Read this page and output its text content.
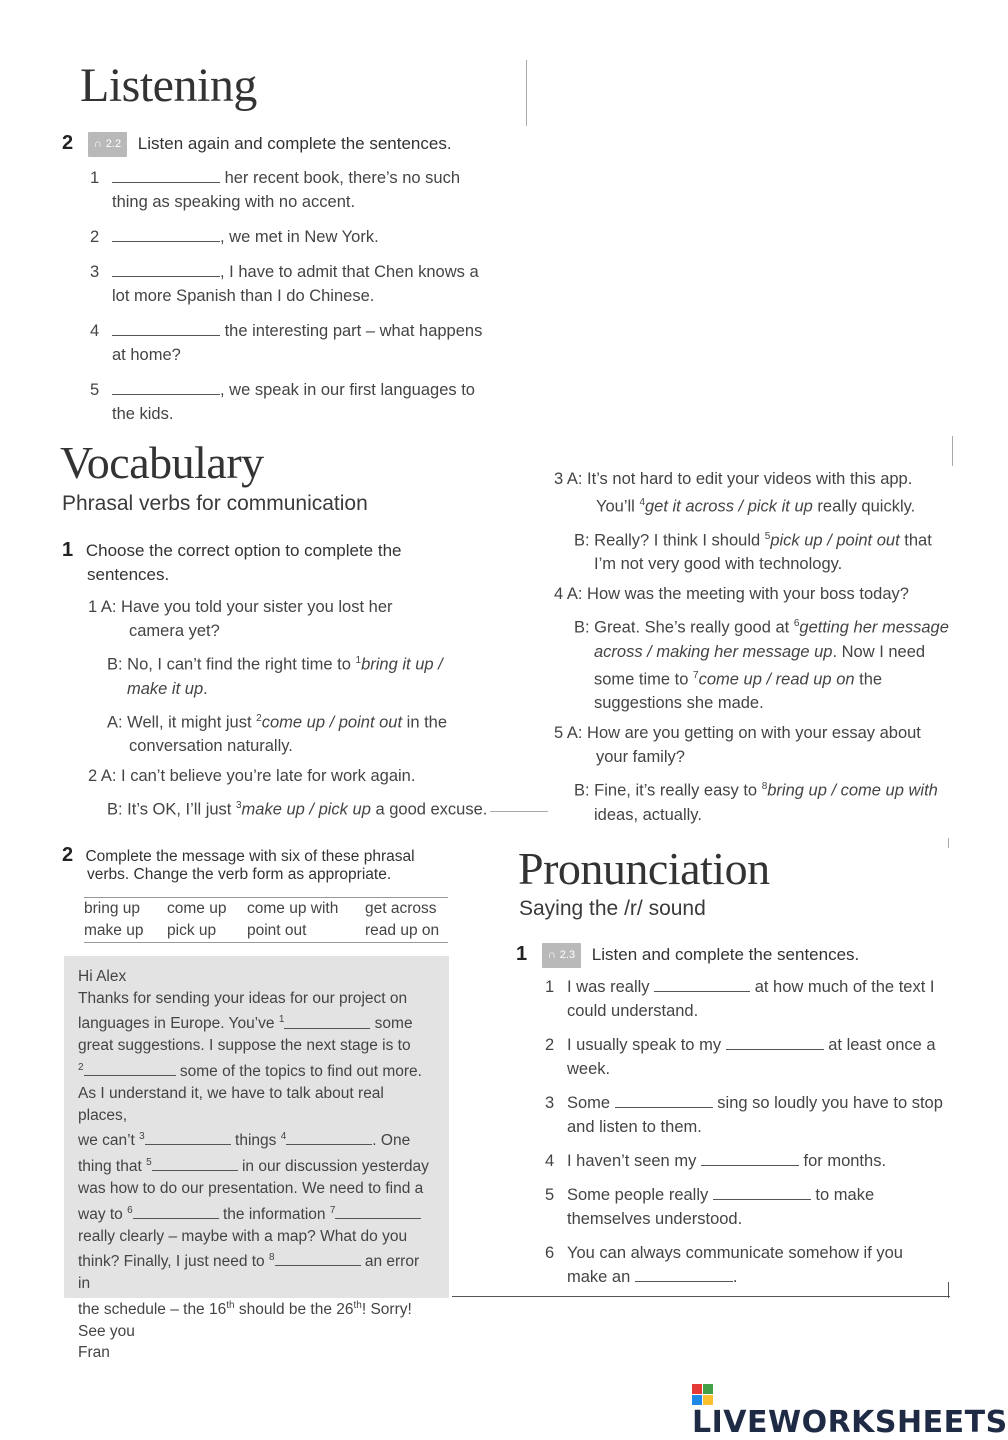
Listening
2 ∩ 2.2 Listen again and complete the sentences.
1	her recent book, there’s no such
thing as speaking with no accent.
2	, we met in New York.
3	, I have to admit that Chen knows a
lot more Spanish than I do Chinese.
4	the interesting part – what happens
at home?
5	, we speak in our first languages to
the kids.
Vocabulary
Phrasal verbs for communication
1 Choose the correct option to complete the
sentences.
1 A: Have you told your sister you lost her
camera yet?
B: No, I can’t find the right time to $^1$bring it up /
make it up.
A: Well, it might just $^2$come up / point out in the
conversation naturally.
2 A: I can’t believe you’re late for work again.
B: It’s OK, I’ll just $^3$make up / pick up a good excuse.
3 A: It’s not hard to edit your videos with this app.
You’ll $^4$get it across / pick it up really quickly.
B: Really? I think I should $^5$pick up / point out that
I’m not very good with technology.
4 A: How was the meeting with your boss today?
B: Great. She’s really good at $^6$getting her message
across / making her message up. Now I need
some time to $^7$come up / read up on the
suggestions she made.
5 A: How are you getting on with your essay about
your family?
B: Fine, it’s really easy to $^8$bring up / come up with
ideas, actually.
2 Complete the message with six of these phrasal
verbs. Change the verb form as appropriate.
bring up	come up	come up with	get across
make up	pick up	point out	read up on
Hi Alex
Thanks for sending your ideas for our project on
languages in Europe. You’ve $^1$	some
great suggestions. I suppose the next stage is to
$^2$	some of the topics to find out more.
As I understand it, we have to talk about real places,
we can’t $^3$	things $^4$	. One
thing that $^5$	in our discussion yesterday
was how to do our presentation. We need to find a
way to $^6$	the information $^7$
really clearly – maybe with a map? What do you
think? Finally, I just need to $^8$	an error in
the schedule – the 16th should be the 26th! Sorry!
See you
Fran
Pronunciation
Saying the /r/ sound
1 ∩ 2.3 Listen and complete the sentences.
1 I was really	at how much of the text I
could understand.
2 I usually speak to my	at least once a
week.
3 Some	sing so loudly you have to stop
and listen to them.
4 I haven’t seen my	for months.
5 Some people really	to make
themselves understood.
6 You can always communicate somehow if you
make an	.
LIVEWORKSHEETS
